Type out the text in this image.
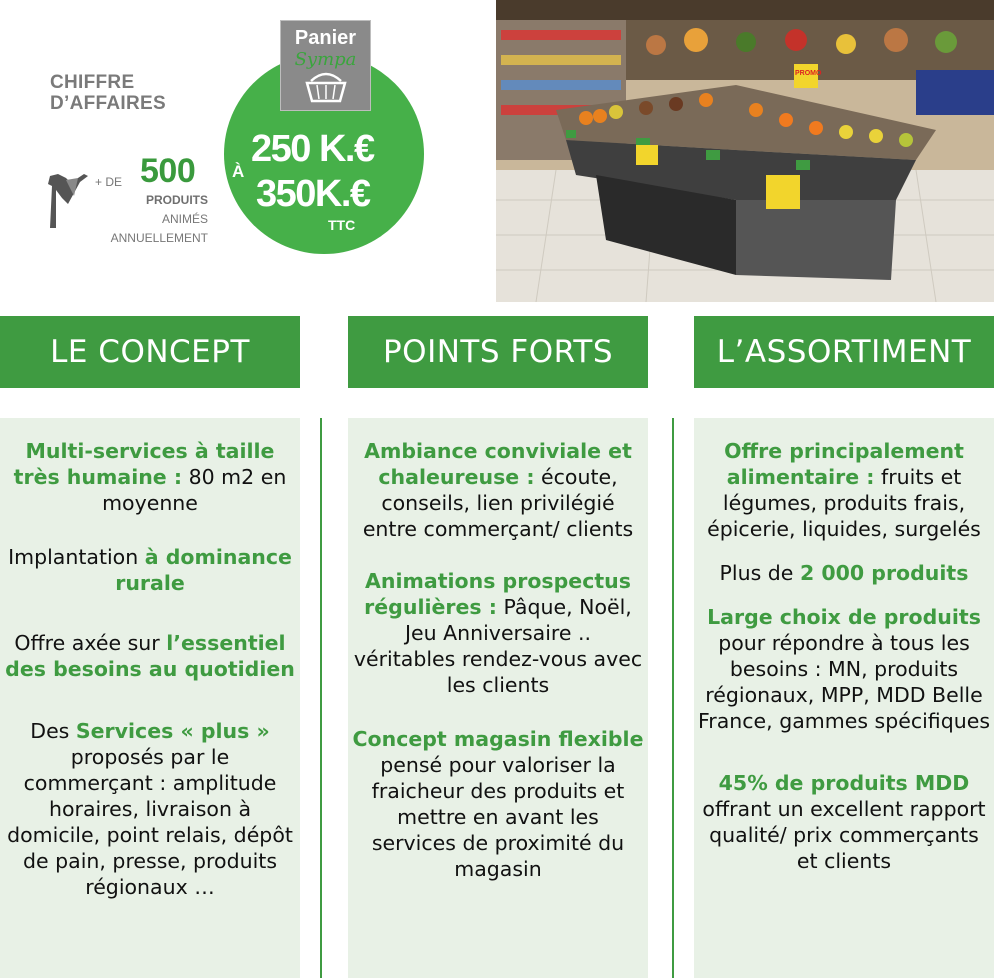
CHIFFRE
D’AFFAIRES
+ DE 500
PRODUITS
ANIMÉS
ANNUELLEMENT
Panier
Sympa
À
250 K.€
350K.€
TTC
PROMO
LE CONCEPT	POINTS FORTS	L’ASSORTIMENT

Multi-services à taille très humaine : 80 m2 en moyenne

Implantation à dominance rurale

Offre axée sur l’essentiel des besoins au quotidien

Des Services « plus » proposés par le commerçant : amplitude horaires, livraison à domicile, point relais, dépôt de pain, presse, produits régionaux …

Ambiance conviviale et chaleureuse : écoute, conseils, lien privilégié entre commerçant/ clients

Animations prospectus régulières : Pâque, Noël, Jeu Anniversaire .. véritables rendez-vous avec les clients

Concept magasin flexible pensé pour valoriser la fraicheur des produits et mettre en avant les services de proximité du magasin

Offre principalement alimentaire : fruits et légumes, produits frais, épicerie, liquides, surgelés

Plus de 2 000 produits

Large choix de produits pour répondre à tous les besoins : MN, produits régionaux, MPP, MDD Belle France, gammes spécifiques

45% de produits MDD offrant un excellent rapport qualité/ prix commerçants et clients
